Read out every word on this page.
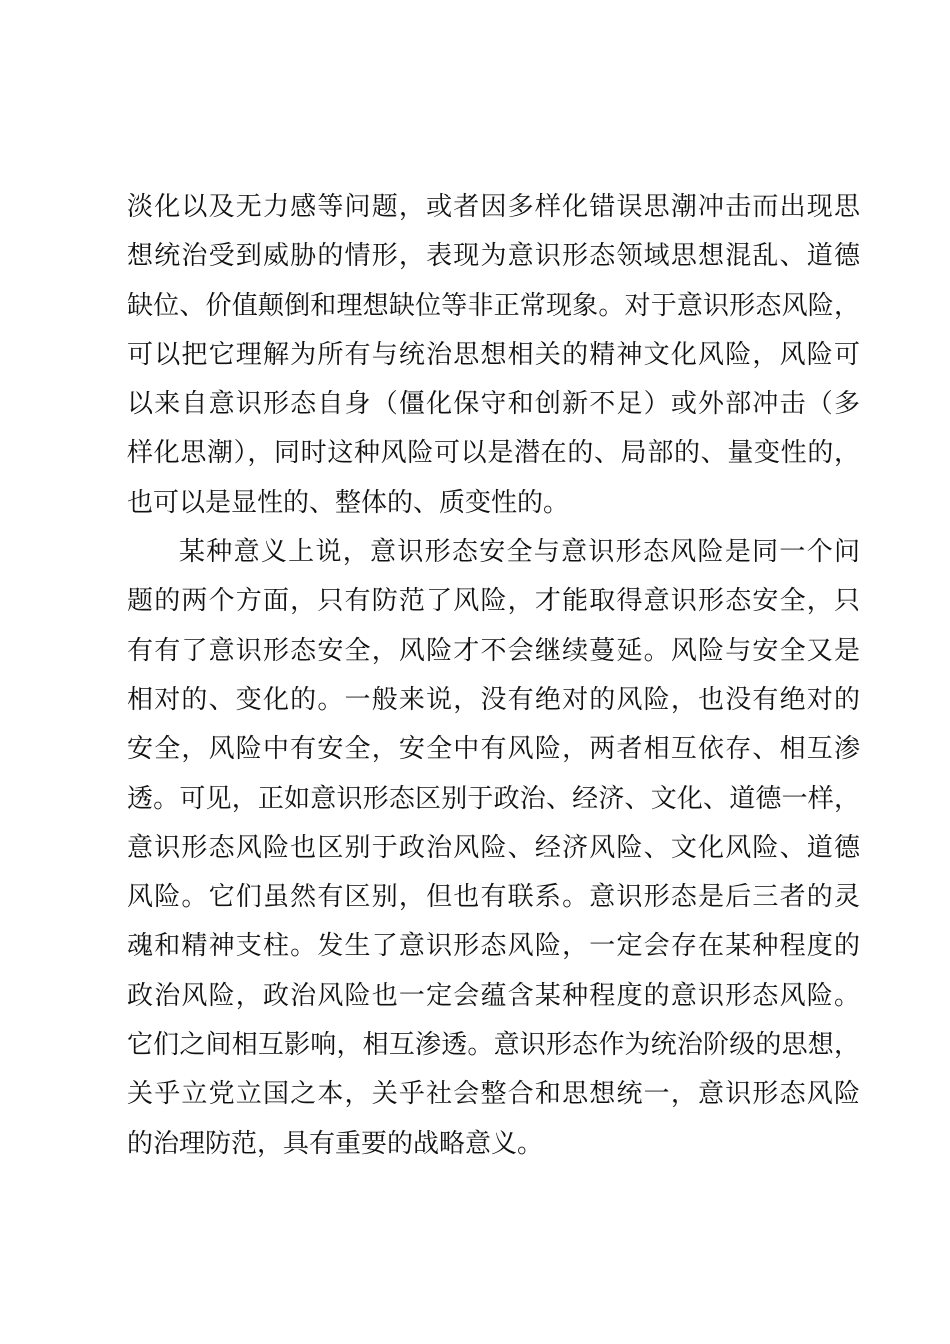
淡化以及无力感等问题，或者因多样化错误思潮冲击而出现思
想统治受到威胁的情形，表现为意识形态领域思想混乱、道德
缺位、价值颠倒和理想缺位等非正常现象。对于意识形态风险，
可以把它理解为所有与统治思想相关的精神文化风险，风险可
以来自意识形态自身（僵化保守和创新不足）或外部冲击（多
样化思潮），同时这种风险可以是潜在的、局部的、量变性的，
也可以是显性的、整体的、质变性的。
某种意义上说，意识形态安全与意识形态风险是同一个问
题的两个方面，只有防范了风险，才能取得意识形态安全，只
有有了意识形态安全，风险才不会继续蔓延。风险与安全又是
相对的、变化的。一般来说，没有绝对的风险，也没有绝对的
安全，风险中有安全，安全中有风险，两者相互依存、相互渗
透。可见，正如意识形态区别于政治、经济、文化、道德一样，
意识形态风险也区别于政治风险、经济风险、文化风险、道德
风险。它们虽然有区别，但也有联系。意识形态是后三者的灵
魂和精神支柱。发生了意识形态风险，一定会存在某种程度的
政治风险，政治风险也一定会蕴含某种程度的意识形态风险。
它们之间相互影响，相互渗透。意识形态作为统治阶级的思想，
关乎立党立国之本，关乎社会整合和思想统一，意识形态风险
的治理防范，具有重要的战略意义。
